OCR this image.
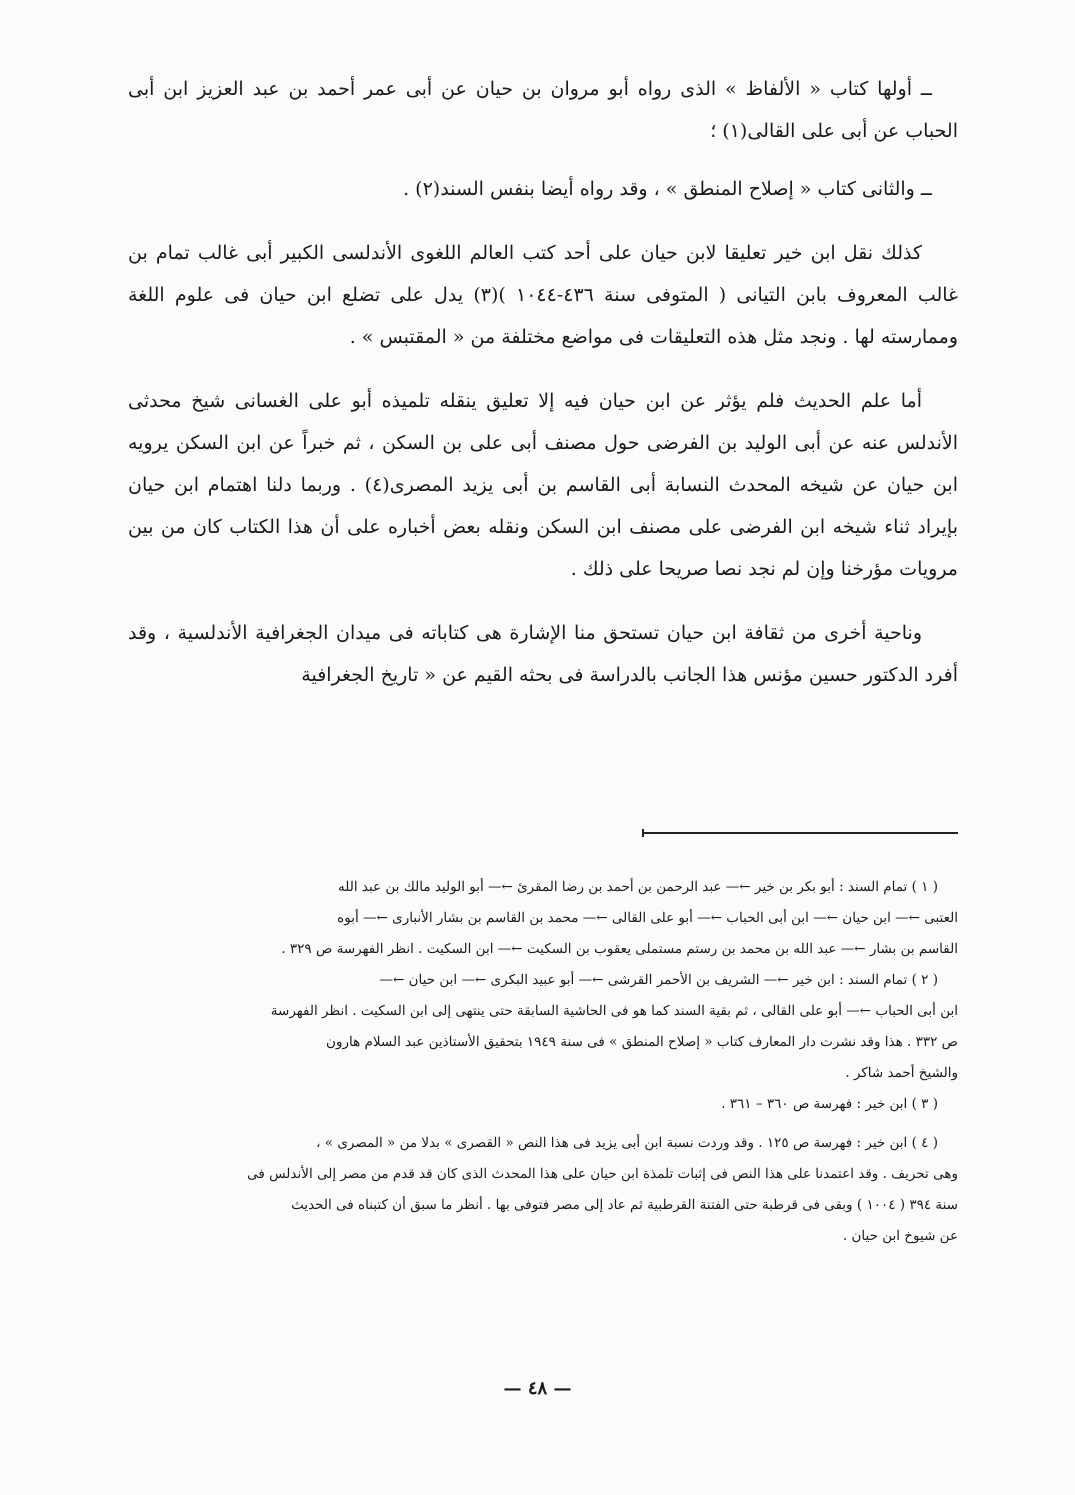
ــ أولها كتاب « الألفاظ » الذى رواه أبو مروان بن حيان عن أبى عمر أحمد بن عبد العزيز ابن أبى الحباب عن أبى على القالى(١) ؛

ــ والثانى كتاب « إصلاح المنطق » ، وقد رواه أيضا بنفس السند(٢) .

كذلك نقل ابن خير تعليقا لابن حيان على أحد كتب العالم اللغوى الأندلسى الكبير أبى غالب تمام بن غالب المعروف بابن التيانى ( المتوفى سنة ٤٣٦-١٠٤٤ )(٣) يدل على تضلع ابن حيان فى علوم اللغة وممارسته لها . ونجد مثل هذه التعليقات فى مواضع مختلفة من « المقتبس » .

أما علم الحديث فلم يؤثر عن ابن حيان فيه إلا تعليق ينقله تلميذه أبو على الغسانى شيخ محدثى الأندلس عنه عن أبى الوليد بن الفرضى حول مصنف أبى على بن السكن ، ثم خبراً عن ابن السكن يرويه ابن حيان عن شيخه المحدث النسابة أبى القاسم بن أبى يزيد المصرى(٤) . وربما دلنا اهتمام ابن حيان بإيراد ثناء شيخه ابن الفرضى على مصنف ابن السكن ونقله بعض أخباره على أن هذا الكتاب كان من بين مرويات مؤرخنا وإن لم نجد نصا صريحا على ذلك .

وناحية أخرى من ثقافة ابن حيان تستحق منا الإشارة هى كتاباته فى ميدان الجغرافية الأندلسية ، وقد أفرد الدكتور حسين مؤنس هذا الجانب بالدراسة فى بحثه القيم عن « تاريخ الجغرافية

( ١ ) تمام السند : أبو بكر بن خير ←— عبد الرحمن بن أحمد بن رضا المقرئ ←— أبو الوليد مالك بن عبد الله

العتبى ←— ابن حيان ←— ابن أبى الحباب ←— أبو على القالى ←— محمد بن القاسم بن بشار الأنبارى ←— أبوه

القاسم بن بشار ←— عبد الله بن محمد بن رستم مستملى يعقوب بن السكيت ←— ابن السكيت . انظر الفهرسة ص ٣٢٩ .

( ٢ ) تمام السند : ابن خير ←— الشريف بن الأحمر القرشى ←— أبو عبيد البكرى ←— ابن حيان ←—

ابن أبى الحباب ←— أبو على القالى ، ثم بقية السند كما هو فى الحاشية السابقة حتى ينتهى إلى ابن السكيت . انظر الفهرسة

ص ٣٣٢ . هذا وقد نشرت دار المعارف كتاب « إصلاح المنطق » فى سنة ١٩٤٩ بتحقيق الأستاذين عبد السلام هارون

والشيخ أحمد شاكر .

( ٣ ) ابن خير : فهرسة ص ٣٦٠ – ٣٦١ .

( ٤ ) ابن خير : فهرسة ص ١٢٥ . وقد وردت نسبة ابن أبى يزيد فى هذا النص « القصرى » بدلا من « المصرى » ،

وهى تحريف . وقد اعتمدنا على هذا النص فى إثبات تلمذة ابن حيان على هذا المحدث الذى كان قد قدم من مصر إلى الأندلس فى

سنة ٣٩٤ ( ١٠٠٤ ) وبقى فى قرطبة حتى الفتنة القرطبية ثم عاد إلى مصر فتوفى بها . أنظر ما سبق أن كتبناه فى الحديث

عن شيوخ ابن حيان .

— ٤٨ —
